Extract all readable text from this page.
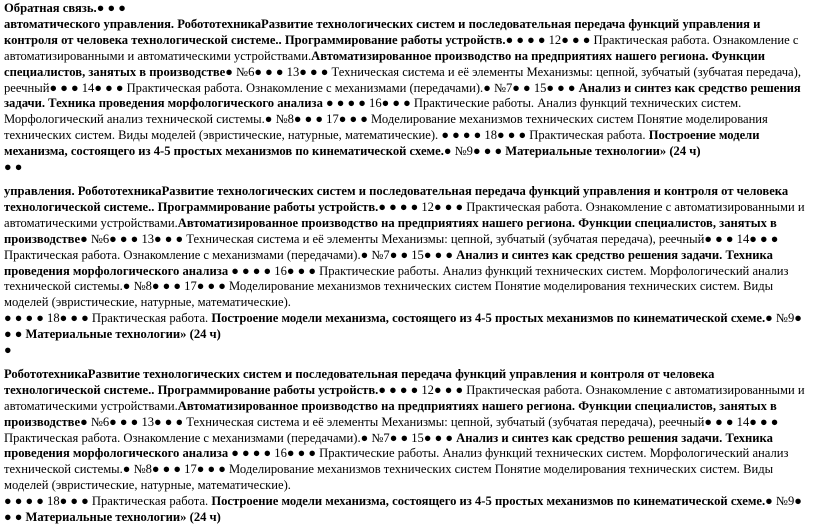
Обратная связь.● ● ●
автоматического управления. РобототехникаРазвитие технологических систем и последовательная передача функций управления и контроля от человека технологической системе.. Программирование работы устройств.● ● ● ● 12● ● ● Практическая работа. Ознакомление с автоматизированными и автоматическими устройствами.Автоматизированное производство на предприятиях нашего региона. Функции специалистов, занятых в производстве● №6● ● ● 13● ● ● Техническая система и её элементы Механизмы: цепной, зубчатый (зубчатая передача), реечный● ● ● 14● ● ● Практическая работа. Ознакомление с механизмами (передачами).● №7● ● 15● ● ● Анализ и синтез как средство решения задачи. Техника проведения морфологического анализа ● ● ● ● 16● ● ● Практические работы. Анализ функций технических систем. Морфологический анализ технической системы.● №8● ● ● 17● ● ● Моделирование механизмов технических систем Понятие моделирования технических систем. Виды моделей (эвристические, натурные, математические). ● ● ● ● 18● ● ● Практическая работа. Построение модели механизма, состоящего из 4-5 простых механизмов по кинематической схеме.● №9● ● ● Материальные технологии» (24 ч)
● ●

управления. РобототехникаРазвитие технологических систем и последовательная передача функций управления и контроля от человека технологической системе.. Программирование работы устройств.● ● ● ● 12● ● ● Практическая работа. Ознакомление с автоматизированными и автоматическими устройствами.Автоматизированное производство на предприятиях нашего региона. Функции специалистов, занятых в производстве● №6● ● ● 13● ● ● Техническая система и её элементы Механизмы: цепной, зубчатый (зубчатая передача), реечный● ● ● 14● ● ● Практическая работа. Ознакомление с механизмами (передачами).● №7● ● 15● ● ● Анализ и синтез как средство решения задачи. Техника проведения морфологического анализа ● ● ● ● 16● ● ● Практические работы. Анализ функций технических систем. Морфологический анализ технической системы.● №8● ● ● 17● ● ● Моделирование механизмов технических систем Понятие моделирования технических систем. Виды моделей (эвристические, натурные, математические).
● ● ● ● 18● ● ● Практическая работа. Построение модели механизма, состоящего из 4-5 простых механизмов по кинематической схеме.● №9● ● ● Материальные технологии» (24 ч)
●

РобототехникаРазвитие технологических систем и последовательная передача функций управления и контроля от человека технологической системе.. Программирование работы устройств.● ● ● ● 12● ● ● Практическая работа. Ознакомление с автоматизированными и автоматическими устройствами.Автоматизированное производство на предприятиях нашего региона. Функции специалистов, занятых в производстве● №6● ● ● 13● ● ● Техническая система и её элементы Механизмы: цепной, зубчатый (зубчатая передача), реечный● ● ● 14● ● ● Практическая работа. Ознакомление с механизмами (передачами).● №7● ● 15● ● ● Анализ и синтез как средство решения задачи. Техника проведения морфологического анализа ● ● ● ● 16● ● ● Практические работы. Анализ функций технических систем. Морфологический анализ технической системы.● №8● ● ● 17● ● ● Моделирование механизмов технических систем Понятие моделирования технических систем. Виды моделей (эвристические, натурные, математические).
● ● ● ● 18● ● ● Практическая работа. Построение модели механизма, состоящего из 4-5 простых механизмов по кинематической схеме.● №9● ● ● Материальные технологии» (24 ч)
